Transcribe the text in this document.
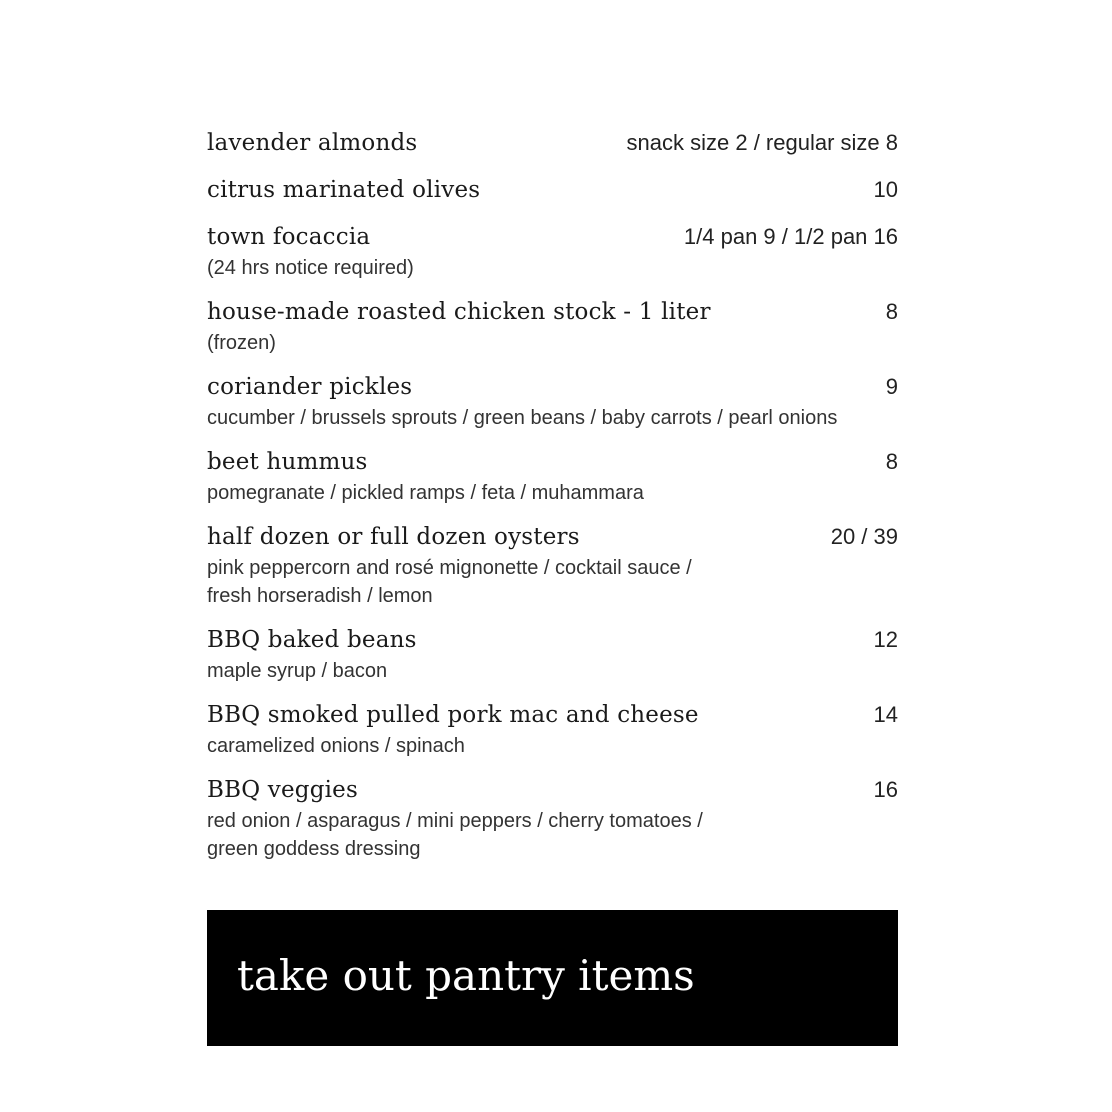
lavender almonds	snack size 2 / regular size 8
citrus marinated olives	10
town focaccia	1/4 pan 9 / 1/2 pan 16
(24 hrs notice required)
house-made roasted chicken stock - 1 liter	8
(frozen)
coriander pickles	9
cucumber / brussels sprouts / green beans / baby carrots / pearl onions
beet hummus	8
pomegranate / pickled ramps / feta / muhammara
half dozen or full dozen oysters	20 / 39
pink peppercorn and rosé mignonette / cocktail sauce /
fresh horseradish / lemon
BBQ baked beans	12
maple syrup / bacon
BBQ smoked pulled pork mac and cheese	14
caramelized onions / spinach
BBQ veggies	16
red onion / asparagus / mini peppers / cherry tomatoes /
green goddess dressing
take out pantry items
